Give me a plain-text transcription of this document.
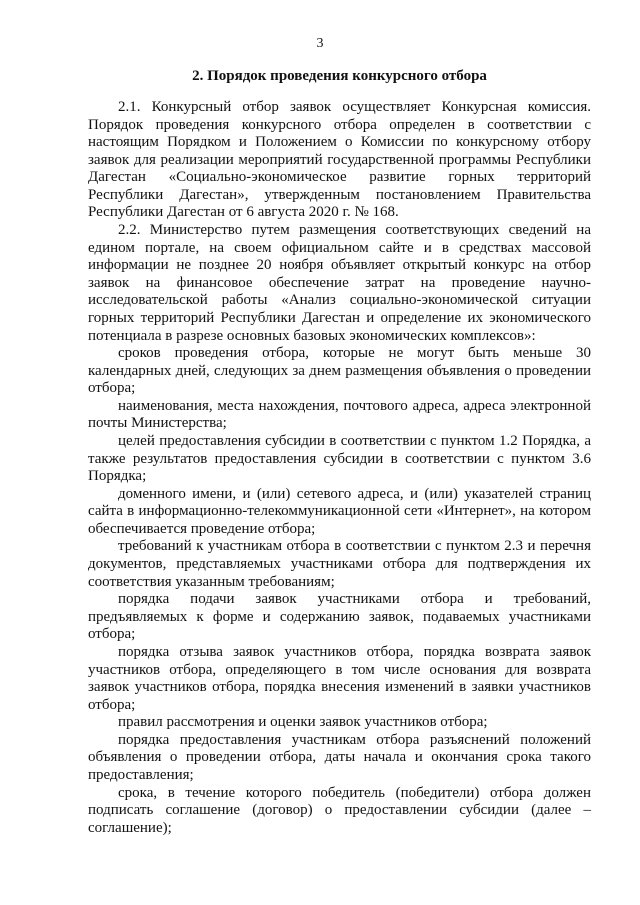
3
2. Порядок проведения конкурсного отбора

2.1. Конкурсный отбор заявок осуществляет Конкурсная комиссия. Порядок проведения конкурсного отбора определен в соответствии с настоящим Порядком и Положением о Комиссии по конкурсному отбору заявок для реализации мероприятий государственной программы Республики Дагестан «Социально-экономическое развитие горных территорий Республики Дагестан», утвержденным постановлением Правительства Республики Дагестан от 6 августа 2020 г. № 168.

2.2. Министерство путем размещения соответствующих сведений на едином портале, на своем официальном сайте и в средствах массовой информации не позднее 20 ноября объявляет открытый конкурс на отбор заявок на финансовое обеспечение затрат на проведение научно-исследовательской работы «Анализ социально-экономической ситуации горных территорий Республики Дагестан и определение их экономического потенциала в разрезе основных базовых экономических комплексов»:

сроков проведения отбора, которые не могут быть меньше 30 календарных дней, следующих за днем размещения объявления о проведении отбора;

наименования, места нахождения, почтового адреса, адреса электронной почты Министерства;

целей предоставления субсидии в соответствии с пунктом 1.2 Порядка, а также результатов предоставления субсидии в соответствии с пунктом 3.6 Порядка;

доменного имени, и (или) сетевого адреса, и (или) указателей страниц сайта в информационно-телекоммуникационной сети «Интернет», на котором обеспечивается проведение отбора;

требований к участникам отбора в соответствии с пунктом 2.3 и перечня документов, представляемых участниками отбора для подтверждения их соответствия указанным требованиям;

порядка подачи заявок участниками отбора и требований, предъявляемых к форме и содержанию заявок, подаваемых участниками отбора;

порядка отзыва заявок участников отбора, порядка возврата заявок участников отбора, определяющего в том числе основания для возврата заявок участников отбора, порядка внесения изменений в заявки участников отбора;

правил рассмотрения и оценки заявок участников отбора;

порядка предоставления участникам отбора разъяснений положений объявления о проведении отбора, даты начала и окончания срока такого предоставления;

срока, в течение которого победитель (победители) отбора должен подписать соглашение (договор) о предоставлении субсидии (далее – соглашение);
